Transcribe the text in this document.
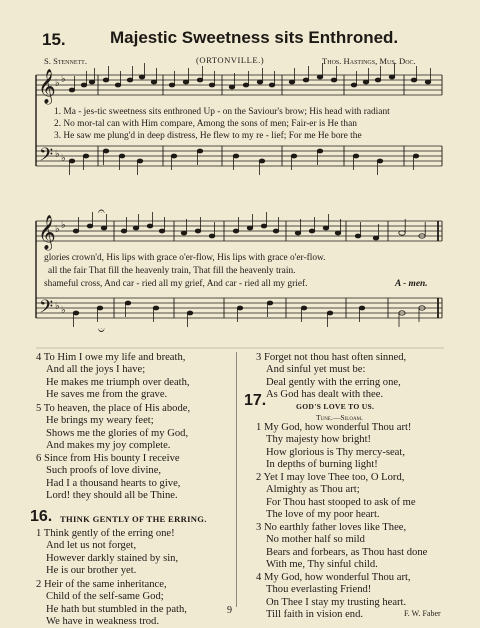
15.	Majestic Sweetness sits Enthroned.
S. Stennett.	(ORTONVILLE.)	Thos. Hastings, Mus. Doc.
𝄞
𝄢
♭ ♭
♭ ♭
𝄞
𝄢
♭ ♭
♭ ♭
𝄐
𝄑
1. Ma - jes-tic sweetness sits enthroned Up - on the Saviour's brow; His head with radiant
2. No mor-tal can with Him compare, Among the sons of men; Fair-er is He than
3. He saw me plung'd in deep distress, He flew to my re - lief; For me He bore the
glories crown'd, His lips with grace o'er-flow, His lips with grace o'er-flow.
all the fair That fill the heavenly train, That fill the heavenly train.
shameful cross, And car - ried all my grief, And car - ried all my grief.	A - men.
4 To Him I owe my life and breath,
And all the joys I have;
He makes me triumph over death,
He saves me from the grave.
5 To heaven, the place of His abode,
He brings my weary feet;
Shows me the glories of my God,
And makes my joy complete.
6 Since from His bounty I receive
Such proofs of love divine,
Had I a thousand hearts to give,
Lord! they should all be Thine.
16. THINK GENTLY OF THE ERRING.
1 Think gently of the erring one!
And let us not forget,
However darkly stained by sin,
He is our brother yet.
2 Heir of the same inheritance,
Child of the self-same God;
He hath but stumbled in the path,
We have in weakness trod.
3 Forget not thou hast often sinned,
And sinful yet must be:
Deal gently with the erring one,
As God has dealt with thee.
17.	GOD'S LOVE TO US.
Tune.—Siloam.
1 My God, how wonderful Thou art!
Thy majesty how bright!
How glorious is Thy mercy-seat,
In depths of burning light!
2 Yet I may love Thee too, O Lord,
Almighty as Thou art;
For Thou hast stooped to ask of me
The love of my poor heart.
3 No earthly father loves like Thee,
No mother half so mild
Bears and forbears, as Thou hast done
With me, Thy sinful child.
4 My God, how wonderful Thou art,
Thou everlasting Friend!
On Thee I stay my trusting heart.
Till faith in vision end.	F. W. Faber
9
